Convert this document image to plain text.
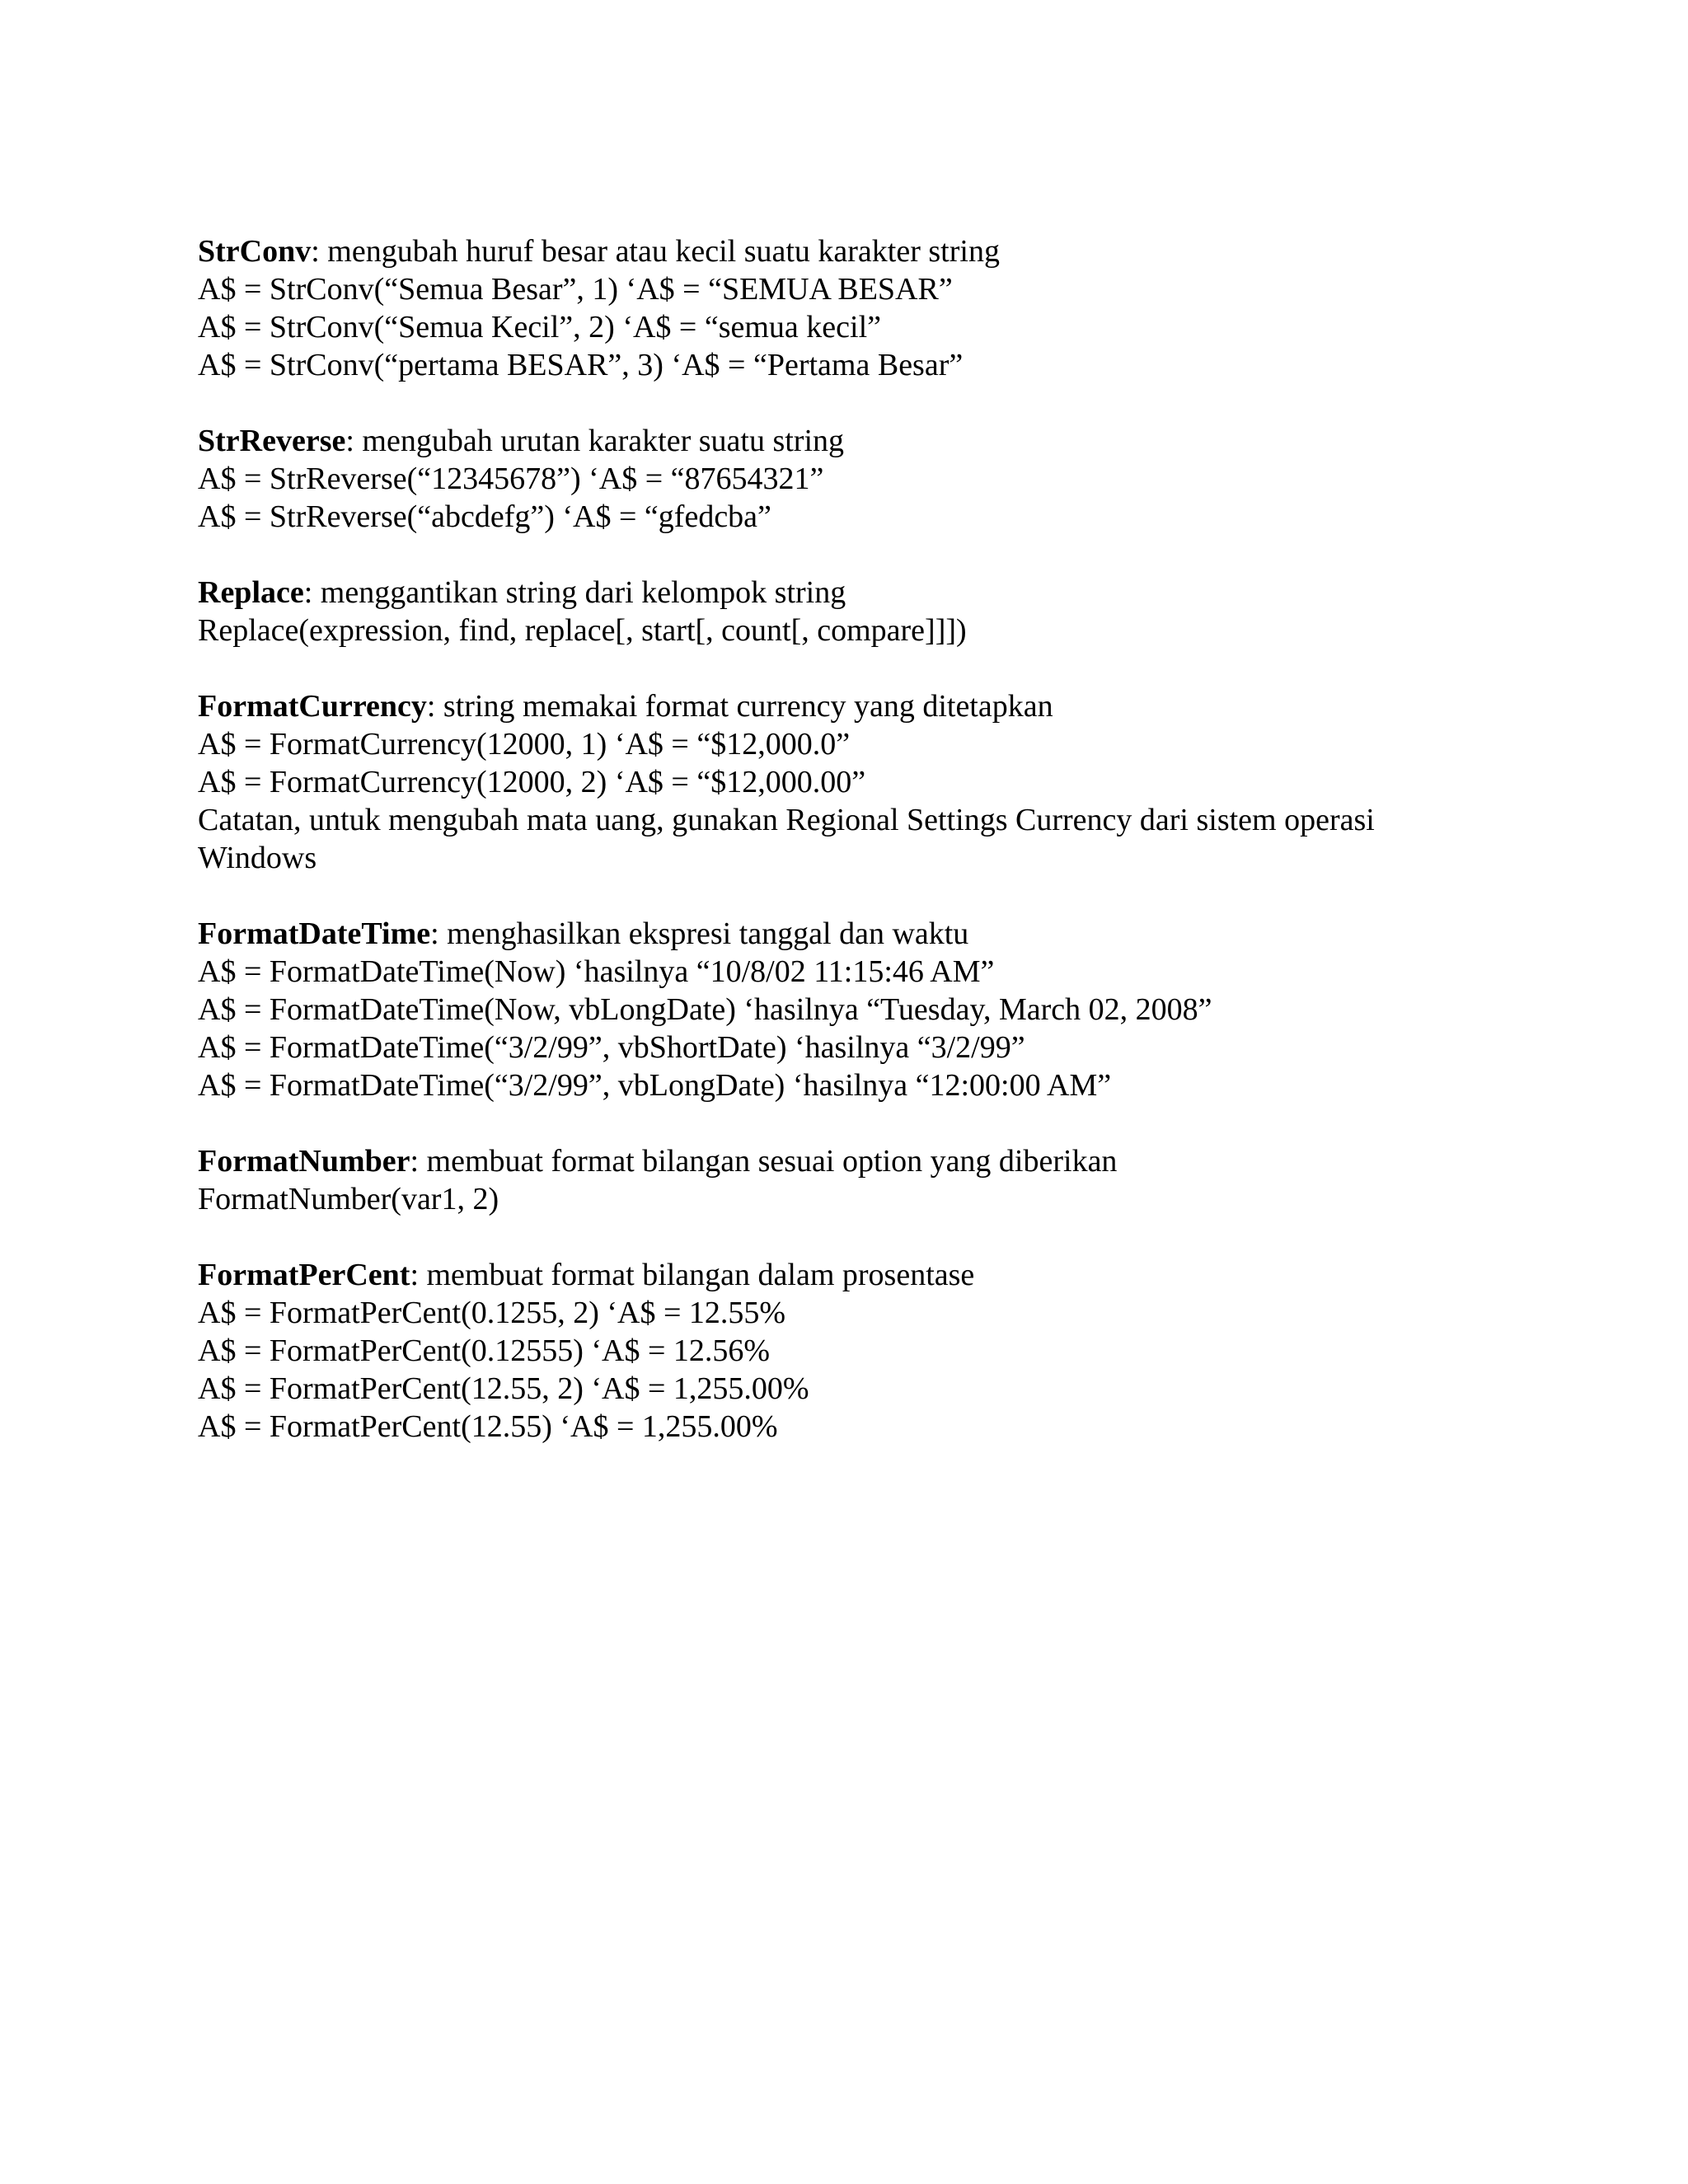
StrConv: mengubah huruf besar atau kecil suatu karakter string
A$ = StrConv(“Semua Besar”, 1) ‘A$ = “SEMUA BESAR”
A$ = StrConv(“Semua Kecil”, 2) ‘A$ = “semua kecil”
A$ = StrConv(“pertama BESAR”, 3) ‘A$ = “Pertama Besar”
StrReverse: mengubah urutan karakter suatu string
A$ = StrReverse(“12345678”) ‘A$ = “87654321”
A$ = StrReverse(“abcdefg”) ‘A$ = “gfedcba”
Replace: menggantikan string dari kelompok string
Replace(expression, find, replace[, start[, count[, compare]]])
FormatCurrency: string memakai format currency yang ditetapkan
A$ = FormatCurrency(12000, 1) ‘A$ = “$12,000.0”
A$ = FormatCurrency(12000, 2) ‘A$ = “$12,000.00”
Catatan, untuk mengubah mata uang, gunakan Regional Settings Currency dari sistem operasi Windows
FormatDateTime: menghasilkan ekspresi tanggal dan waktu
A$ = FormatDateTime(Now) ‘hasilnya “10/8/02 11:15:46 AM”
A$ = FormatDateTime(Now, vbLongDate) ‘hasilnya “Tuesday, March 02, 2008”
A$ = FormatDateTime(“3/2/99”, vbShortDate) ‘hasilnya “3/2/99”
A$ = FormatDateTime(“3/2/99”, vbLongDate) ‘hasilnya “12:00:00 AM”
FormatNumber: membuat format bilangan sesuai option yang diberikan
FormatNumber(var1, 2)
FormatPerCent: membuat format bilangan dalam prosentase
A$ = FormatPerCent(0.1255, 2) ‘A$ = 12.55%
A$ = FormatPerCent(0.12555) ‘A$ = 12.56%
A$ = FormatPerCent(12.55, 2) ‘A$ = 1,255.00%
A$ = FormatPerCent(12.55) ‘A$ = 1,255.00%
